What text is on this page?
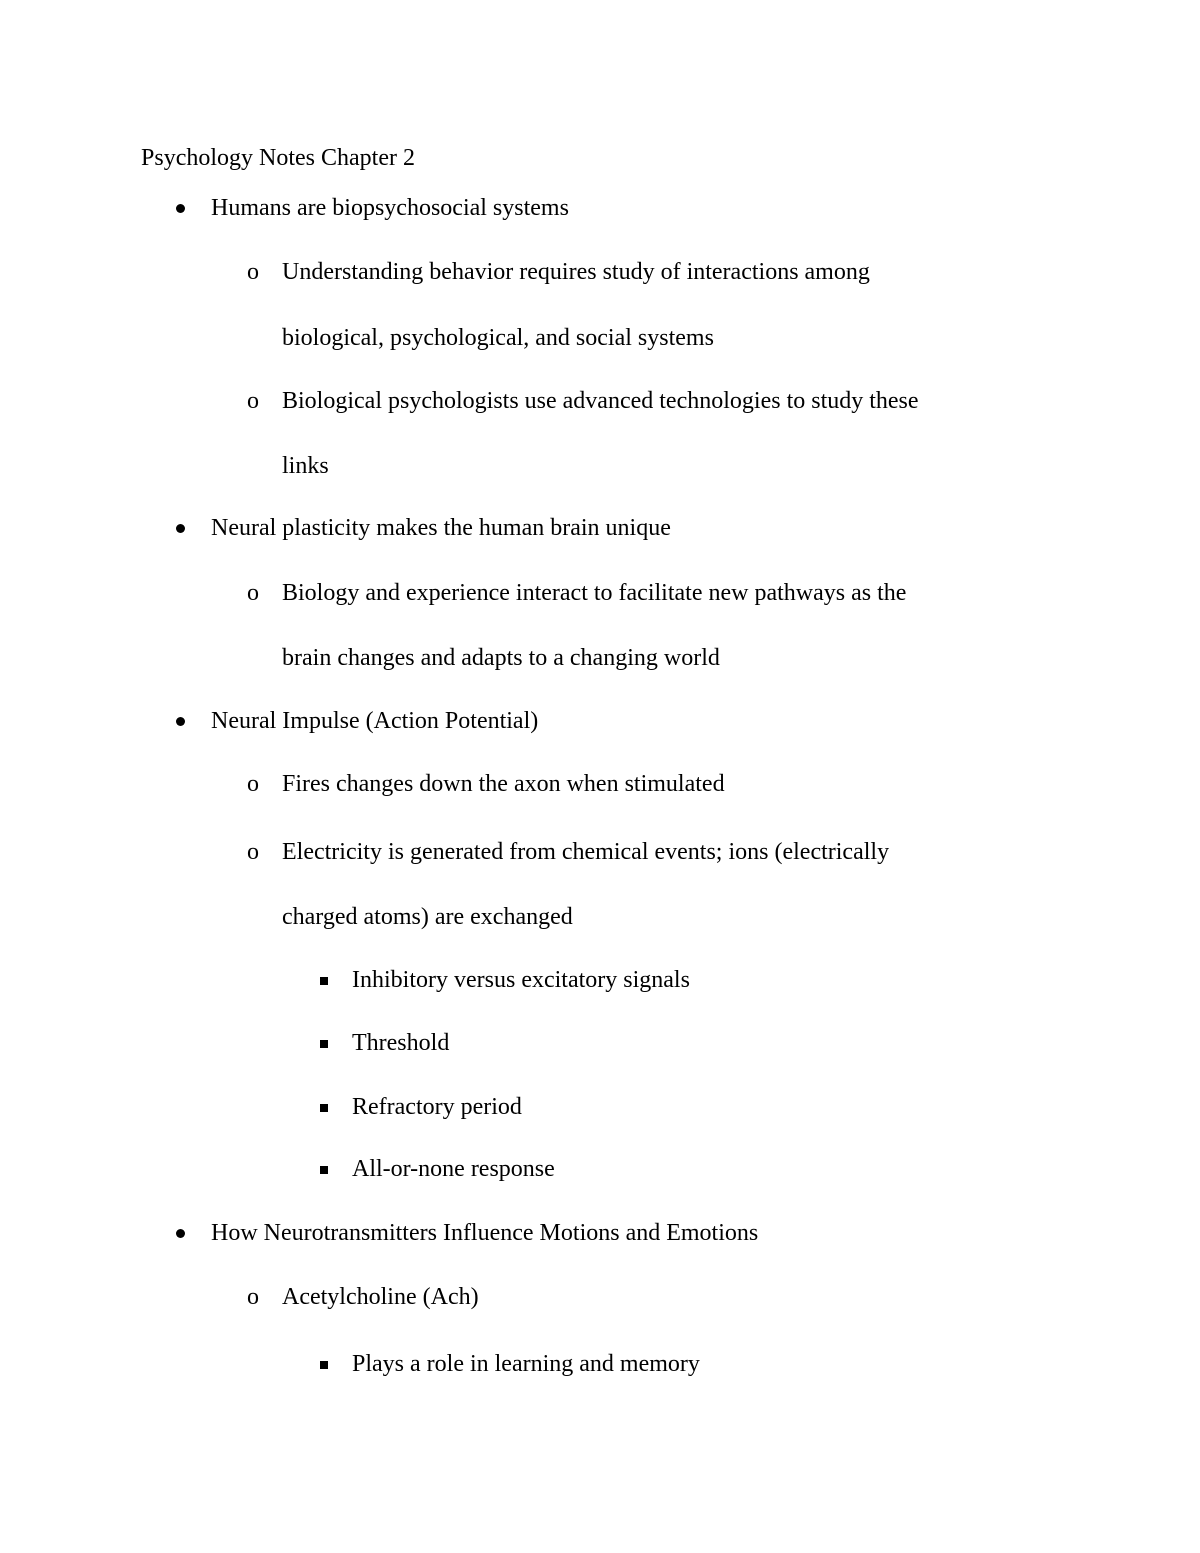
Psychology Notes Chapter 2
Humans are biopsychosocial systems
Understanding behavior requires study of interactions among
o
biological, psychological, and social systems
Biological psychologists use advanced technologies to study these
o
links
Neural plasticity makes the human brain unique
Biology and experience interact to facilitate new pathways as the
o
brain changes and adapts to a changing world
Neural Impulse (Action Potential)
Fires changes down the axon when stimulated
o
Electricity is generated from chemical events; ions (electrically
o
charged atoms) are exchanged
Inhibitory versus excitatory signals
Threshold
Refractory period
All-or-none response
How Neurotransmitters Influence Motions and Emotions
Acetylcholine (Ach)
o
Plays a role in learning and memory
